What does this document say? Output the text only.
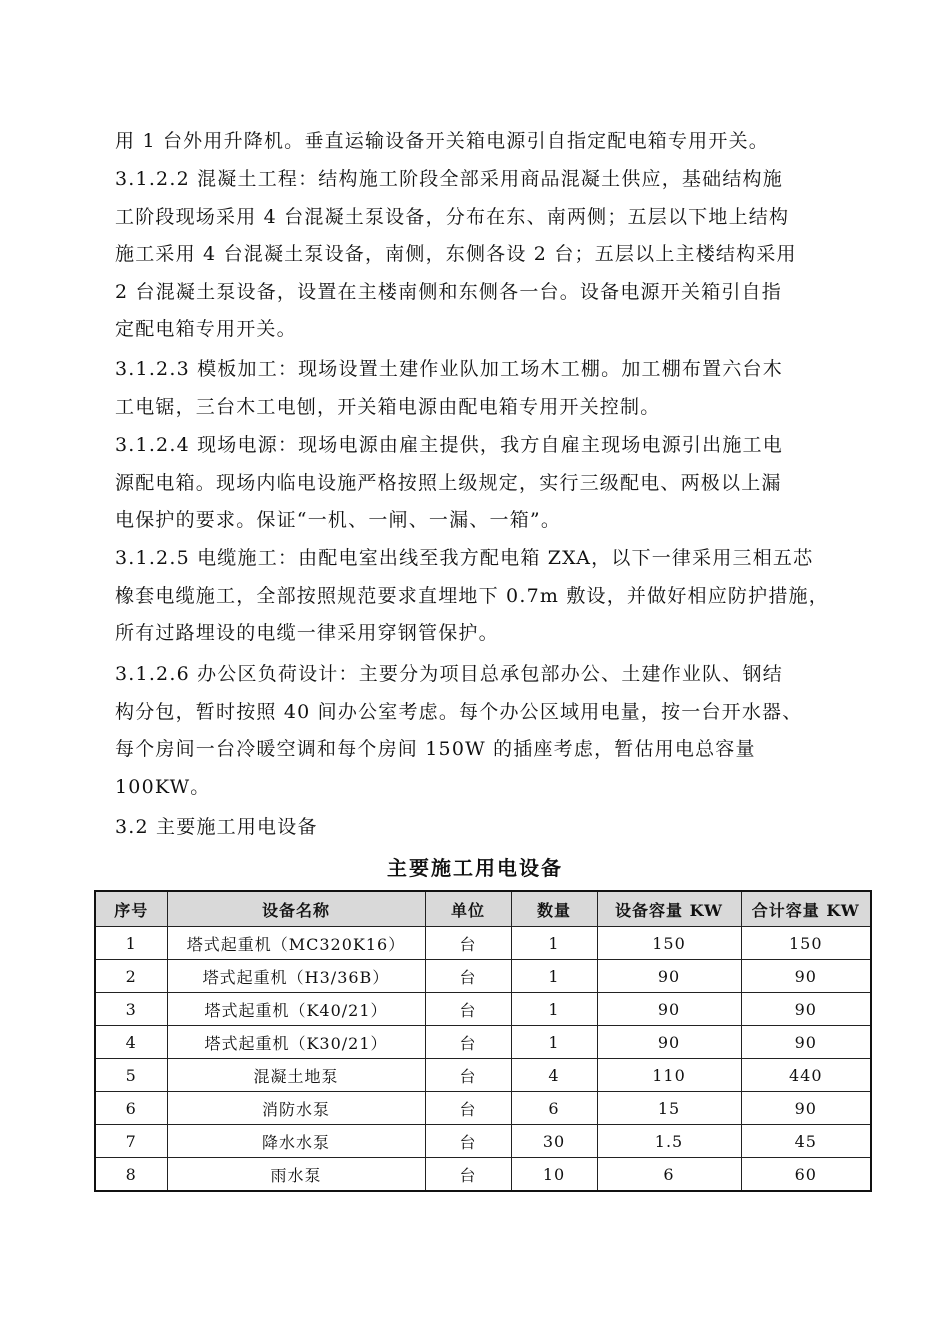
用 1 台外用升降机。垂直运输设备开关箱电源引自指定配电箱专用开关。
3.1.2.2 混凝土工程：结构施工阶段全部采用商品混凝土供应，基础结构施
工阶段现场采用 4 台混凝土泵设备，分布在东、南两侧；五层以下地上结构
施工采用 4 台混凝土泵设备，南侧，东侧各设 2 台；五层以上主楼结构采用
2 台混凝土泵设备，设置在主楼南侧和东侧各一台。设备电源开关箱引自指
定配电箱专用开关。
3.1.2.3 模板加工：现场设置土建作业队加工场木工棚。加工棚布置六台木
工电锯，三台木工电刨，开关箱电源由配电箱专用开关控制。
3.1.2.4 现场电源：现场电源由雇主提供，我方自雇主现场电源引出施工电
源配电箱。现场内临电设施严格按照上级规定，实行三级配电、两极以上漏
电保护的要求。保证“一机、一闸、一漏、一箱”。
3.1.2.5 电缆施工：由配电室出线至我方配电箱 ZXA，以下一律采用三相五芯
橡套电缆施工，全部按照规范要求直埋地下 0.7m 敷设，并做好相应防护措施，
所有过路埋设的电缆一律采用穿钢管保护。
3.1.2.6 办公区负荷设计：主要分为项目总承包部办公、土建作业队、钢结
构分包，暂时按照 40 间办公室考虑。每个办公区域用电量，按一台开水器、
每个房间一台冷暖空调和每个房间 150W 的插座考虑，暂估用电总容量
100KW。
3.2 主要施工用电设备
主要施工用电设备
序号	设备名称	单位	数量	设备容量 KW	合计容量 KW
1	塔式起重机（MC320K16）	台	1	150	150
2	塔式起重机（H3/36B）	台	1	90	90
3	塔式起重机（K40/21）	台	1	90	90
4	塔式起重机（K30/21）	台	1	90	90
5	混凝土地泵	台	4	110	440
6	消防水泵	台	6	15	90
7	降水水泵	台	30	1.5	45
8	雨水泵	台	10	6	60
